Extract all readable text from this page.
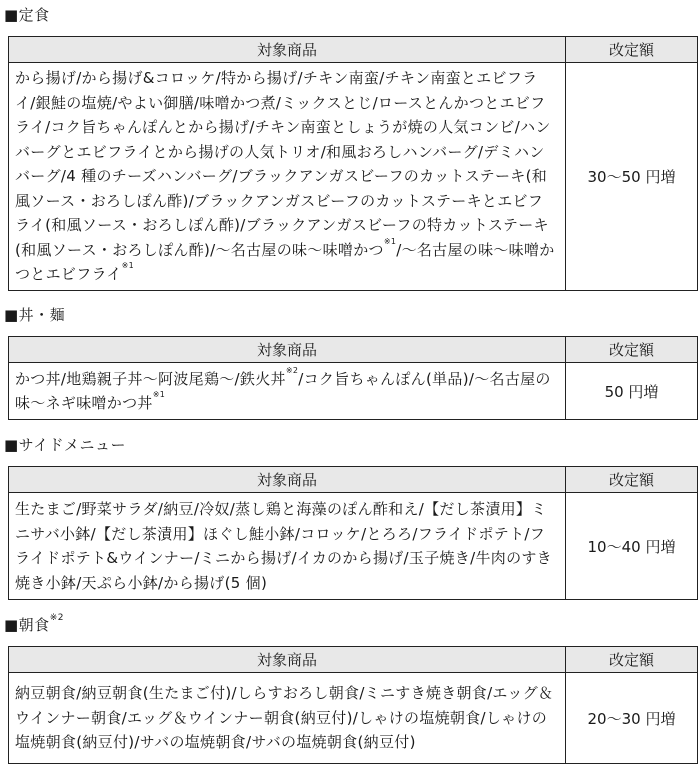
■定食
対象商品	改定額
から揚げ/から揚げ&コロッケ/特から揚げ/チキン南蛮/チキン南蛮とエビフライ/銀鮭の塩焼/やよい御膳/味噌かつ煮/ミックスとじ/ロースとんかつとエビフライ/コク旨ちゃんぽんとから揚げ/チキン南蛮としょうが焼の人気コンビ/ハンバーグとエビフライとから揚げの人気トリオ/和風おろしハンバーグ/デミハンバーグ/4 種のチーズハンバーグ/ブラックアンガスビーフのカットステーキ(和風ソース・おろしぽん酢)/ブラックアンガスビーフのカットステーキとエビフライ(和風ソース・おろしぽん酢)/ブラックアンガスビーフの特カットステーキ(和風ソース・おろしぽん酢)/～名古屋の味～味噌かつ$^{※1}$/～名古屋の味～味噌かつとエビフライ$^{※1}$	30～50 円増
■丼・麺
対象商品	改定額
かつ丼/地鶏親子丼～阿波尾鶏～/鉄火丼$^{※2}$/コク旨ちゃんぽん(単品)/～名古屋の味～ネギ味噌かつ丼$^{※1}$	50 円増
■サイドメニュー
対象商品	改定額
生たまご/野菜サラダ/納豆/冷奴/蒸し鶏と海藻のぽん酢和え/【だし茶漬用】ミニサバ小鉢/【だし茶漬用】ほぐし鮭小鉢/コロッケ/とろろ/フライドポテト/フライドポテト&ウインナー/ミニから揚げ/イカのから揚げ/玉子焼き/牛肉のすき焼き小鉢/天ぷら小鉢/から揚げ(5 個)	10～40 円増
■朝食$^{※2}$
対象商品	改定額
納豆朝食/納豆朝食(生たまご付)/しらすおろし朝食/ミニすき焼き朝食/エッグ＆ウインナー朝食/エッグ＆ウインナー朝食(納豆付)/しゃけの塩焼朝食/しゃけの塩焼朝食(納豆付)/サバの塩焼朝食/サバの塩焼朝食(納豆付)	20～30 円増
